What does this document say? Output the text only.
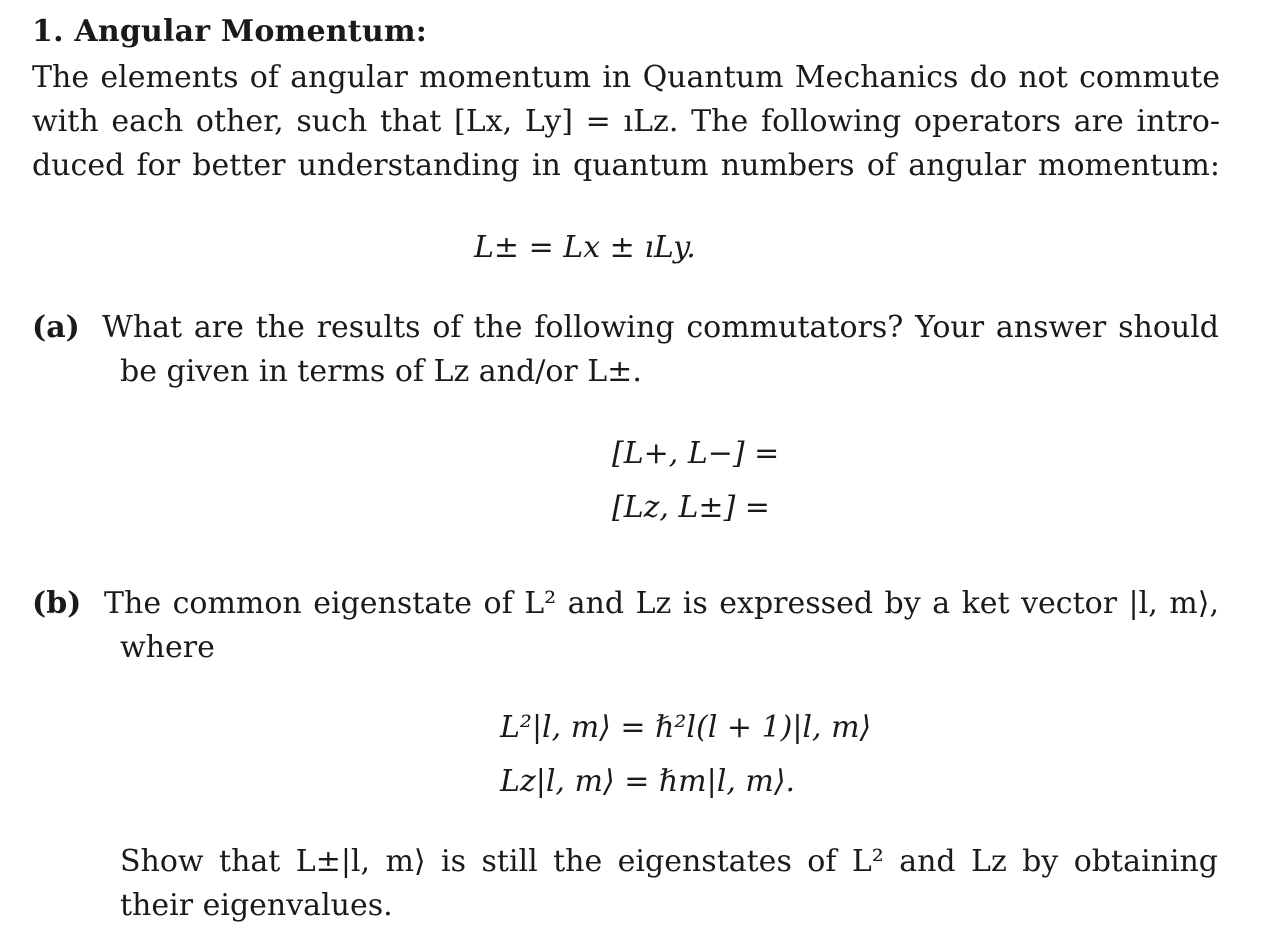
1. Angular Momentum:
The elements of angular momentum in Quantum Mechanics do not commute
with each other, such that [Lx, Ly] = ıLz. The following operators are intro-
duced for better understanding in quantum numbers of angular momentum:
L± = Lx ± ıLy.
(a) What are the results of the following commutators? Your answer should
be given in terms of Lz and/or L±.
[L+, L−] =
[Lz, L±] =
(b) The common eigenstate of L² and Lz is expressed by a ket vector |l, m⟩,
where
L²|l, m⟩ = ℏ²l(l + 1)|l, m⟩
Lz|l, m⟩ = ℏm|l, m⟩.
Show that L±|l, m⟩ is still the eigenstates of L² and Lz by obtaining
their eigenvalues.
